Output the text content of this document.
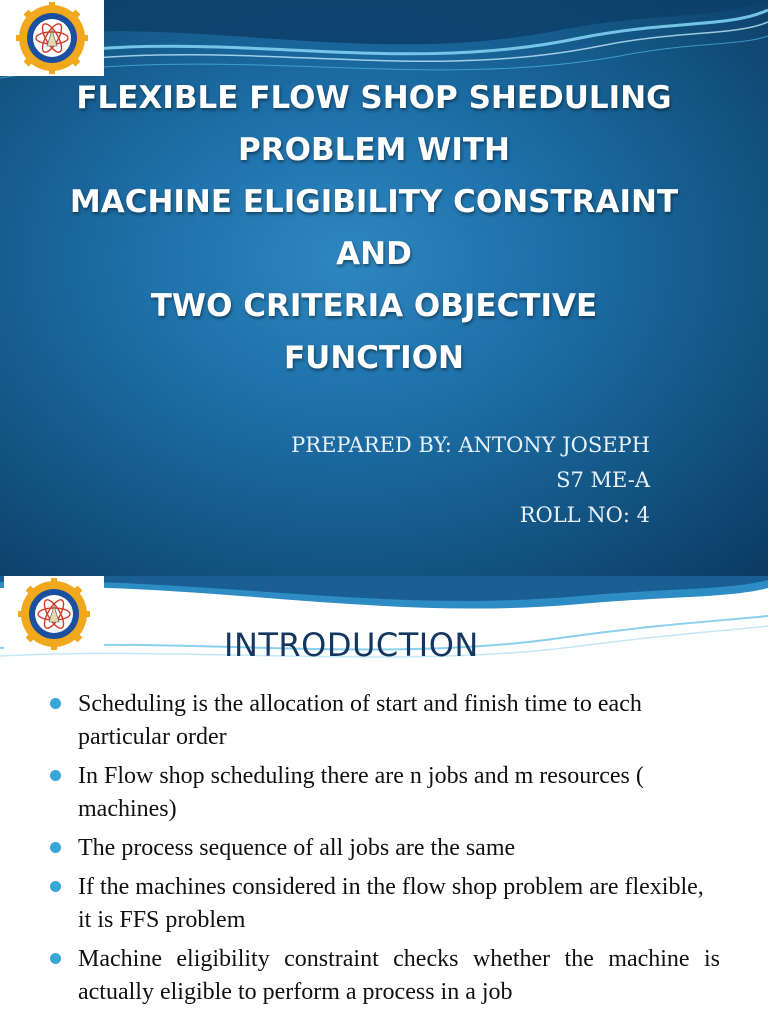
FLEXIBLE FLOW SHOP SHEDULING
PROBLEM WITH
MACHINE ELIGIBILITY CONSTRAINT
AND
TWO CRITERIA OBJECTIVE
FUNCTION
PREPARED BY: ANTONY JOSEPH
S7 ME-A
ROLL NO: 4
INTRODUCTION
Scheduling is the allocation of start and finish time to each particular order
In Flow shop scheduling there are n jobs and m resources ( machines)
The process sequence of all jobs are the same
If the machines considered in the flow shop problem are flexible, it is FFS problem
Machine eligibility constraint checks whether the machine is actually eligible to perform a process in a job
